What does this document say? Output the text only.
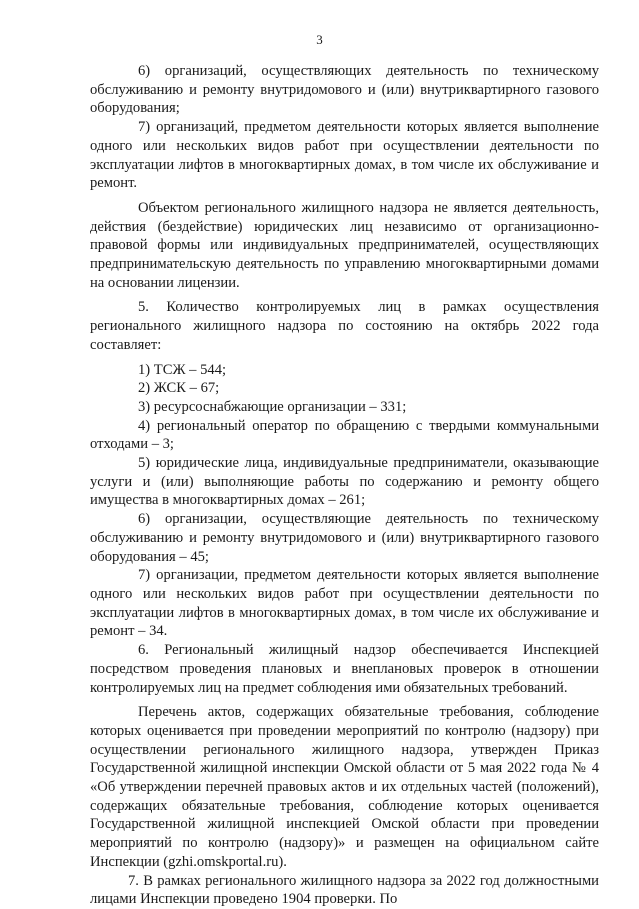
3

6) организаций, осуществляющих деятельность по техническому обслуживанию и ремонту внутридомового и (или) внутриквартирного газового оборудования;

7) организаций, предметом деятельности которых является выполнение одного или нескольких видов работ при осуществлении деятельности по эксплуатации лифтов в многоквартирных домах, в том числе их обслуживание и ремонт.

Объектом регионального жилищного надзора не является деятельность, действия (бездействие) юридических лиц независимо от организационно-правовой формы или индивидуальных предпринимателей, осуществляющих предпринимательскую деятельность по управлению многоквартирными домами на основании лицензии.

5. Количество контролируемых лиц в рамках осуществления регионального жилищного надзора по состоянию на октябрь 2022 года составляет:

1) ТСЖ – 544;

2) ЖСК – 67;

3) ресурсоснабжающие организации – 331;

4) региональный оператор по обращению с твердыми коммунальными отходами – 3;

5) юридические лица, индивидуальные предприниматели, оказывающие услуги и (или) выполняющие работы по содержанию и ремонту общего имущества в многоквартирных домах – 261;

6) организации, осуществляющие деятельность по техническому обслуживанию и ремонту внутридомового и (или) внутриквартирного газового оборудования – 45;

7) организации, предметом деятельности которых является выполнение одного или нескольких видов работ при осуществлении деятельности по эксплуатации лифтов в многоквартирных домах, в том числе их обслуживание и ремонт – 34.

6. Региональный жилищный надзор обеспечивается Инспекцией посредством проведения плановых и внеплановых проверок в отношении контролируемых лиц на предмет соблюдения ими обязательных требований.

Перечень актов, содержащих обязательные требования, соблюдение которых оценивается при проведении мероприятий по контролю (надзору) при осуществлении регионального жилищного надзора, утвержден Приказ Государственной жилищной инспекции Омской области от 5 мая 2022 года № 4 «Об утверждении перечней правовых актов и их отдельных частей (положений), содержащих обязательные требования, соблюдение которых оценивается Государственной жилищной инспекцией Омской области при проведении мероприятий по контролю (надзору)» и размещен на официальном сайте Инспекции (gzhi.omskportal.ru).

7. В рамках регионального жилищного надзора за 2022 год должностными лицами Инспекции проведено 1904 проверки. По
